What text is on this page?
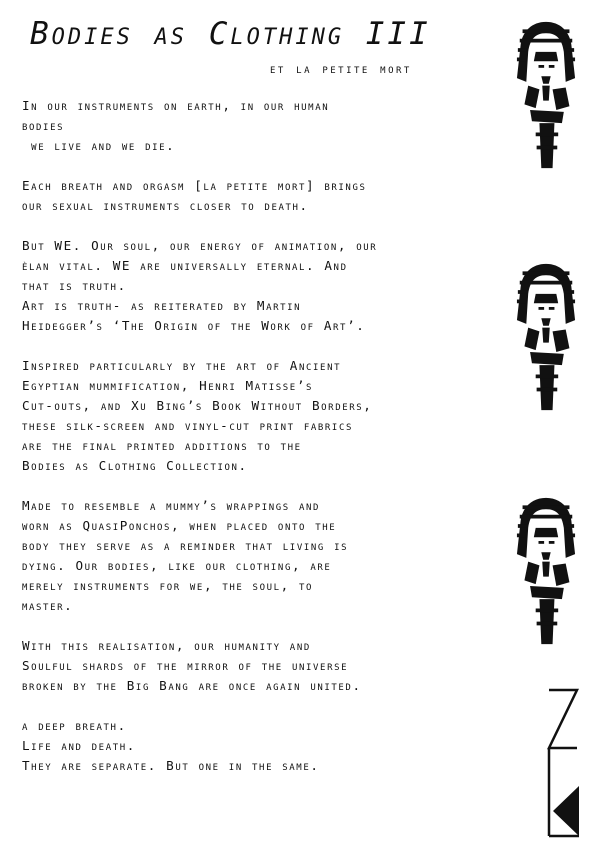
Bodies as Clothing III
et la petite mort
In our instruments on earth, in our human
bodies
we live and we die.
Each breath and orgasm [la petite mort] brings
our sexual instruments closer to death.
But WE. Our soul, our energy of animation, our
èlan vital. WE are universally eternal. And
that is truth.
Art is truth- as reiterated by Martin
Heidegger’s ‘The Origin of the Work of Art’.
Inspired particularly by the art of Ancient
Egyptian mummification, Henri Matisse’s
Cut-outs, and Xu Bing’s Book Without Borders,
these silk-screen and vinyl-cut print fabrics
are the final printed additions to the
Bodies as Clothing Collection.
Made to resemble a mummy’s wrappings and
worn as QuasiPonchos, when placed onto the
body they serve as a reminder that living is
dying. Our bodies, like our clothing, are
merely instruments for we, the soul, to
master.
With this realisation, our humanity and
Soulful shards of the mirror of the universe
broken by the Big Bang are once again united.
a deep breath.
Life and death.
They are separate. But one in the same.
